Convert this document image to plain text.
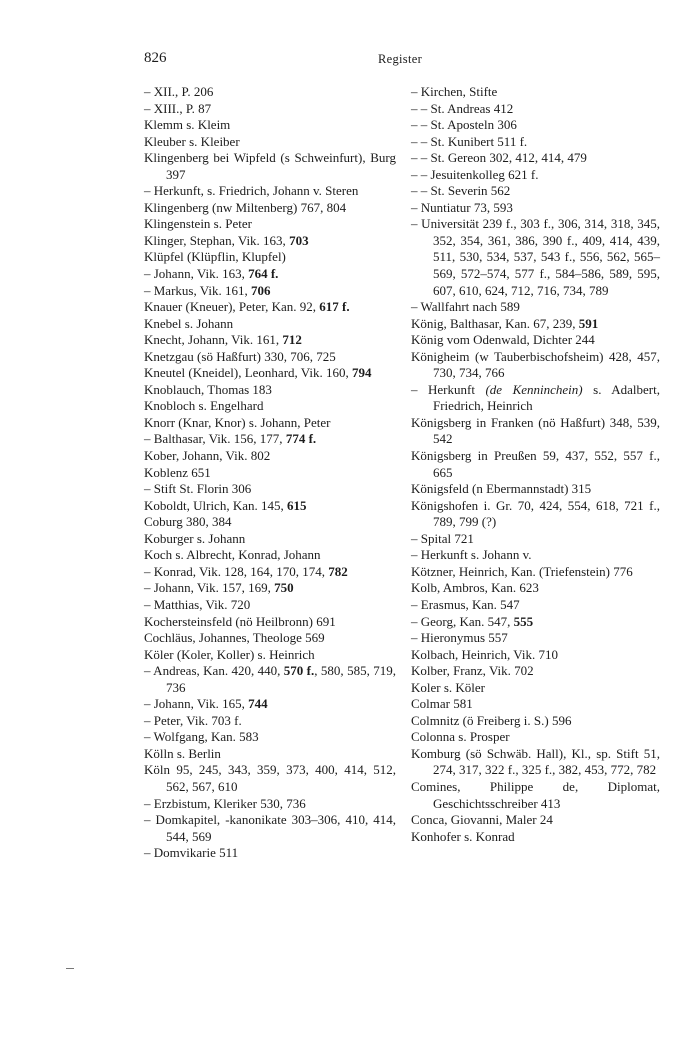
826	Register
– XII., P. 206
– XIII., P. 87
Klemm s. Kleim
Kleuber s. Kleiber
Klingenberg bei Wipfeld (s Schweinfurt), Burg 397
– Herkunft, s. Friedrich, Johann v. Steren
Klingenberg (nw Miltenberg) 767, 804
Klingenstein s. Peter
Klinger, Stephan, Vik. 163, 703
Klüpfel (Klüpflin, Klupfel)
– Johann, Vik. 163, 764 f.
– Markus, Vik. 161, 706
Knauer (Kneuer), Peter, Kan. 92, 617 f.
Knebel s. Johann
Knecht, Johann, Vik. 161, 712
Knetzgau (sö Haßfurt) 330, 706, 725
Kneutel (Kneidel), Leonhard, Vik. 160, 794
Knoblauch, Thomas 183
Knobloch s. Engelhard
Knorr (Knar, Knor) s. Johann, Peter
– Balthasar, Vik. 156, 177, 774 f.
Kober, Johann, Vik. 802
Koblenz 651
– Stift St. Florin 306
Koboldt, Ulrich, Kan. 145, 615
Coburg 380, 384
Koburger s. Johann
Koch s. Albrecht, Konrad, Johann
– Konrad, Vik. 128, 164, 170, 174, 782
– Johann, Vik. 157, 169, 750
– Matthias, Vik. 720
Kochersteinsfeld (nö Heilbronn) 691
Cochläus, Johannes, Theologe 569
Köler (Koler, Koller) s. Heinrich
– Andreas, Kan. 420, 440, 570 f., 580, 585, 719, 736
– Johann, Vik. 165, 744
– Peter, Vik. 703 f.
– Wolfgang, Kan. 583
Kölln s. Berlin
Köln 95, 245, 343, 359, 373, 400, 414, 512, 562, 567, 610
– Erzbistum, Kleriker 530, 736
– Domkapitel, -kanonikate 303–306, 410, 414, 544, 569
– Domvikarie 511
– Kirchen, Stifte
– – St. Andreas 412
– – St. Aposteln 306
– – St. Kunibert 511 f.
– – St. Gereon 302, 412, 414, 479
– – Jesuitenkolleg 621 f.
– – St. Severin 562
– Nuntiatur 73, 593
– Universität 239 f., 303 f., 306, 314, 318, 345, 352, 354, 361, 386, 390 f., 409, 414, 439, 511, 530, 534, 537, 543 f., 556, 562, 565–569, 572–574, 577 f., 584–586, 589, 595, 607, 610, 624, 712, 716, 734, 789
– Wallfahrt nach 589
König, Balthasar, Kan. 67, 239, 591
König vom Odenwald, Dichter 244
Königheim (w Tauberbischofsheim) 428, 457, 730, 734, 766
– Herkunft (de Kenninchein) s. Adalbert, Friedrich, Heinrich
Königsberg in Franken (nö Haßfurt) 348, 539, 542
Königsberg in Preußen 59, 437, 552, 557 f., 665
Königsfeld (n Ebermannstadt) 315
Königshofen i. Gr. 70, 424, 554, 618, 721 f., 789, 799 (?)
– Spital 721
– Herkunft s. Johann v.
Kötzner, Heinrich, Kan. (Triefenstein) 776
Kolb, Ambros, Kan. 623
– Erasmus, Kan. 547
– Georg, Kan. 547, 555
– Hieronymus 557
Kolbach, Heinrich, Vik. 710
Kolber, Franz, Vik. 702
Koler s. Köler
Colmar 581
Colmnitz (ö Freiberg i. S.) 596
Colonna s. Prosper
Komburg (sö Schwäb. Hall), Kl., sp. Stift 51, 274, 317, 322 f., 325 f., 382, 453, 772, 782
Comines, Philippe de, Diplomat, Geschichtsschreiber 413
Conca, Giovanni, Maler 24
Konhofer s. Konrad
